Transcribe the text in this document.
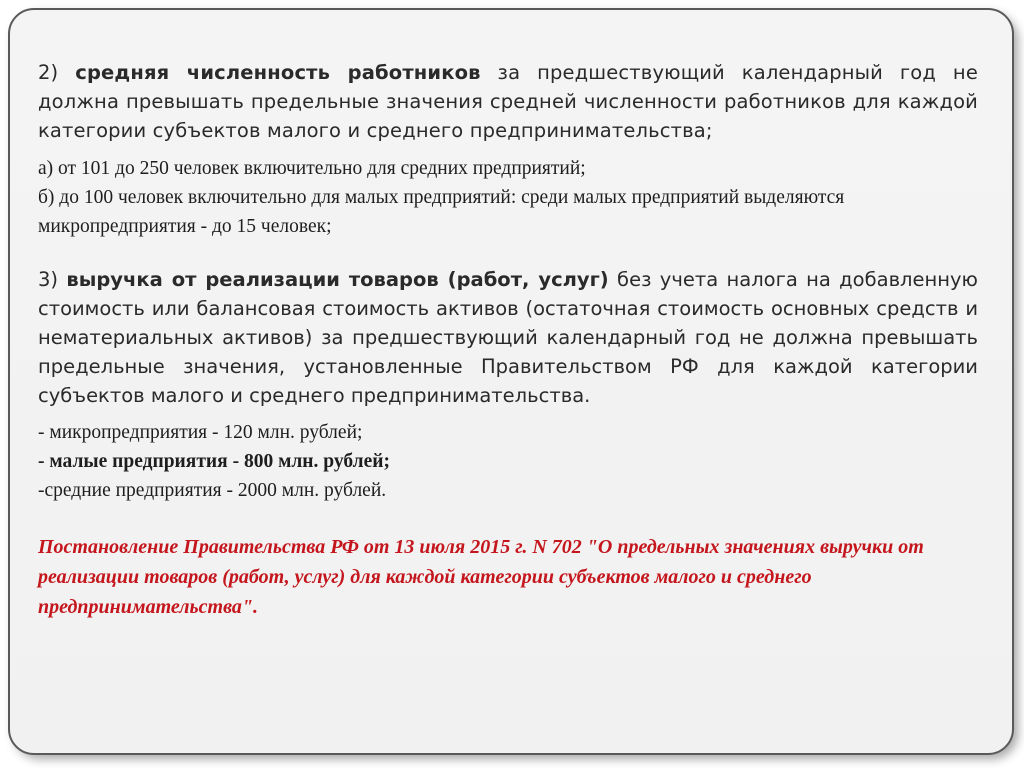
2) средняя численность работников за предшествующий календарный год не должна превышать предельные значения средней численности работников для каждой категории субъектов малого и среднего предпринимательства;

а) от 101 до 250 человек включительно для средних предприятий;

б) до 100 человек включительно для малых предприятий: среди малых предприятий выделяются микропредприятия - до 15 человек;

3) выручка от реализации товаров (работ, услуг) без учета налога на добавленную стоимость или балансовая стоимость активов (остаточная стоимость основных средств и нематериальных активов) за предшествующий календарный год не должна превышать предельные значения, установленные Правительством РФ для каждой категории субъектов малого и среднего предпринимательства.

- микропредприятия - 120 млн. рублей;

- малые предприятия - 800 млн. рублей;

-средние предприятия - 2000 млн. рублей.

Постановление Правительства РФ от 13 июля 2015 г. N 702 "О предельных значениях выручки от реализации товаров (работ, услуг) для каждой категории субъектов малого и среднего предпринимательства".
